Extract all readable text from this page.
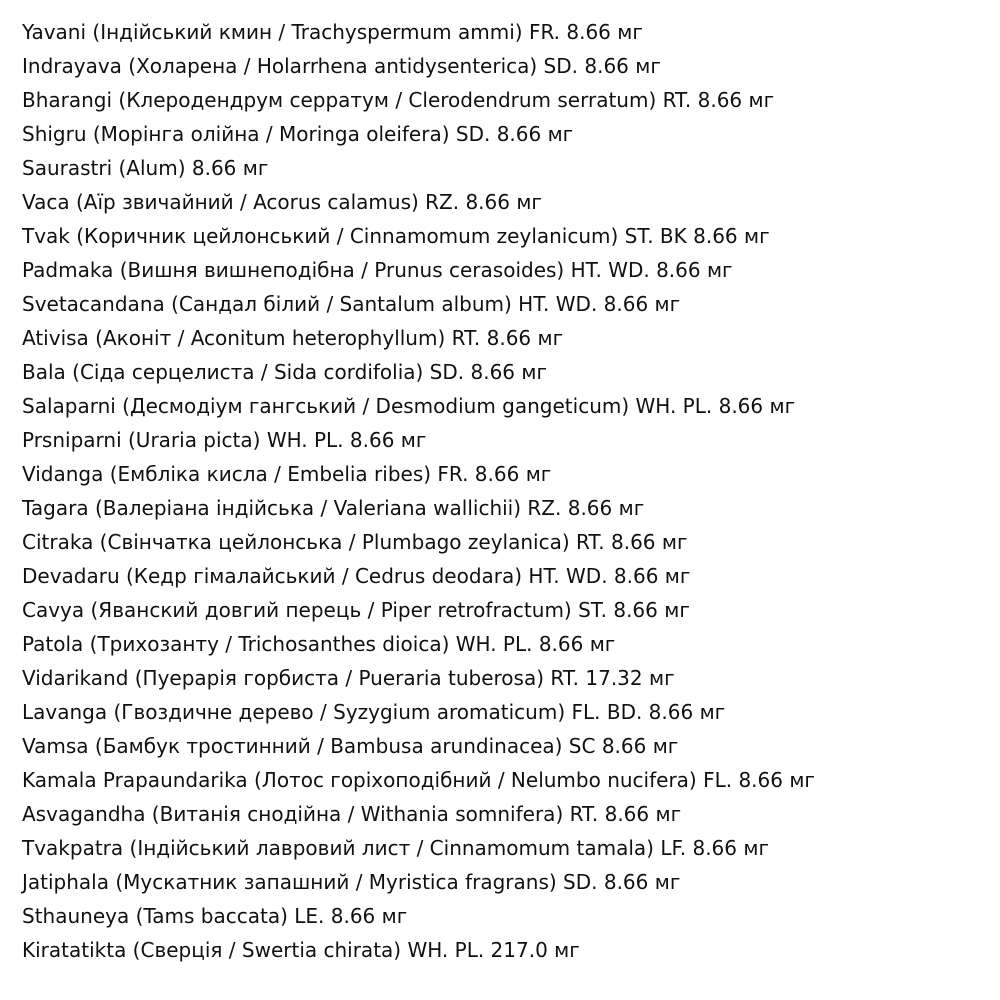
Yavani (Індійський кмин / Trachyspermum ammi) FR. 8.66 мг
Indrayava (Холарена / Holarrhena antidysenterica) SD. 8.66 мг
Bharangi (Клеродендрум серратум / Clerodendrum serratum) RT. 8.66 мг
Shigru (Морінга олійна / Moringa oleifera) SD. 8.66 мг
Saurastri (Alum) 8.66 мг
Vaca (Аїр звичайний / Acorus calamus) RZ. 8.66 мг
Tvak (Коричник цейлонський / Cinnamomum zeylanicum) ST. BK 8.66 мг
Padmaka (Вишня вишнеподібна / Prunus cerasoides) HT. WD. 8.66 мг
Svetacandana (Сандал білий / Santalum album) HT. WD. 8.66 мг
Ativisa (Аконіт / Aconitum heterophyllum) RT. 8.66 мг
Bala (Сіда серцелиста / Sida cordifolia) SD. 8.66 мг
Salaparni (Десмодіум гангський / Desmodium gangeticum) WH. PL. 8.66 мг
Prsniparni (Uraria picta) WH. PL. 8.66 мг
Vidanga (Емблiка кисла / Embelia ribes) FR. 8.66 мг
Tagara (Валеріана індійська / Valeriana wallichii) RZ. 8.66 мг
Citraka (Свінчатка цейлонська / Plumbago zeylanica) RT. 8.66 мг
Devadaru (Кедр гімалайський / Cedrus deodara) HT. WD. 8.66 мг
Cavya (Яванский довгий перець / Piper retrofractum) ST. 8.66 мг
Patola (Трихозанту / Trichosanthes dioica) WH. PL. 8.66 мг
Vidarikand (Пуерарія горбиста / Pueraria tuberosa) RT. 17.32 мг
Lavanga (Гвоздичне дерево / Syzygium aromaticum) FL. BD. 8.66 мг
Vamsa (Бамбук тростинний / Bambusa arundinacea) SC 8.66 мг
Kamala Prapaundarika (Лотос горіхоподібний / Nelumbo nucifera) FL. 8.66 мг
Asvagandha (Витанія снодійна / Withania somnifera) RT. 8.66 мг
Tvakpatra (Індійський лавровий лист / Cinnamomum tamala) LF. 8.66 мг
Jatiphala (Мускатник запашний / Myristica fragrans) SD. 8.66 мг
Sthauneya (Tams baccata) LE. 8.66 мг
Kiratatikta (Сверція / Swertia chirata) WH. PL. 217.0 мг
